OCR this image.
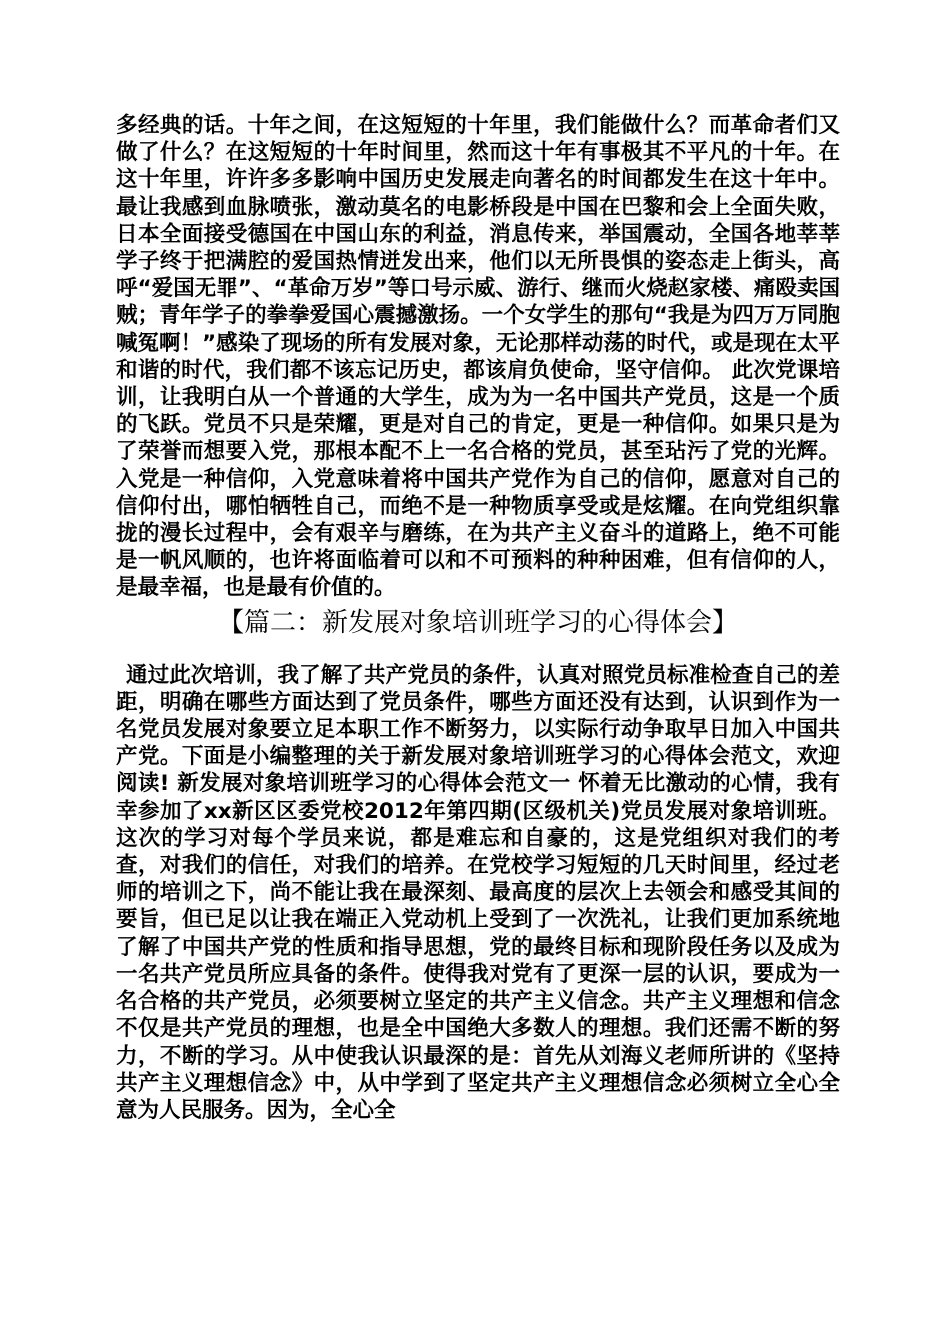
多经典的话。十年之间，在这短短的十年里，我们能做什么？而革命者们又做了什么？在这短短的十年时间里，然而这十年有事极其不平凡的十年。在这十年里，许许多多影响中国历史发展走向著名的时间都发生在这十年中。最让我感到血脉喷张，激动莫名的电影桥段是中国在巴黎和会上全面失败，日本全面接受德国在中国山东的利益，消息传来，举国震动，全国各地莘莘学子终于把满腔的爱国热情迸发出来，他们以无所畏惧的姿态走上街头，高呼“爱国无罪”、“革命万岁”等口号示威、游行、继而火烧赵家楼、痛殴卖国贼；青年学子的拳拳爱国心震撼激扬。一个女学生的那句“我是为四万万同胞喊冤啊！”感染了现场的所有发展对象，无论那样动荡的时代，或是现在太平和谐的时代，我们都不该忘记历史，都该肩负使命，坚守信仰。 此次党课培训，让我明白从一个普通的大学生，成为为一名中国共产党员，这是一个质的飞跃。党员不只是荣耀，更是对自己的肯定，更是一种信仰。如果只是为了荣誉而想要入党，那根本配不上一名合格的党员，甚至玷污了党的光辉。入党是一种信仰，入党意味着将中国共产党作为自己的信仰，愿意对自己的信仰付出，哪怕牺牲自己，而绝不是一种物质享受或是炫耀。在向党组织靠拢的漫长过程中，会有艰辛与磨练，在为共产主义奋斗的道路上，绝不可能是一帆风顺的，也许将面临着可以和不可预料的种种困难，但有信仰的人，是最幸福，也是最有价值的。

【篇二：新发展对象培训班学习的心得体会】

通过此次培训，我了解了共产党员的条件，认真对照党员标准检查自己的差距，明确在哪些方面达到了党员条件，哪些方面还没有达到，认识到作为一名党员发展对象要立足本职工作不断努力，以实际行动争取早日加入中国共产党。下面是小编整理的关于新发展对象培训班学习的心得体会范文，欢迎阅读! 新发展对象培训班学习的心得体会范文一 怀着无比激动的心情，我有幸参加了xx新区区委党校2012年第四期(区级机关)党员发展对象培训班。这次的学习对每个学员来说，都是难忘和自豪的，这是党组织对我们的考查，对我们的信任，对我们的培养。在党校学习短短的几天时间里，经过老师的培训之下，尚不能让我在最深刻、最高度的层次上去领会和感受其间的要旨，但已足以让我在端正入党动机上受到了一次洗礼，让我们更加系统地了解了中国共产党的性质和指导思想，党的最终目标和现阶段任务以及成为一名共产党员所应具备的条件。使得我对党有了更深一层的认识，要成为一名合格的共产党员，必须要树立坚定的共产主义信念。共产主义理想和信念不仅是共产党员的理想，也是全中国绝大多数人的理想。我们还需不断的努力，不断的学习。从中使我认识最深的是：首先从刘海义老师所讲的《坚持共产主义理想信念》中，从中学到了坚定共产主义理想信念必须树立全心全意为人民服务。因为，全心全
